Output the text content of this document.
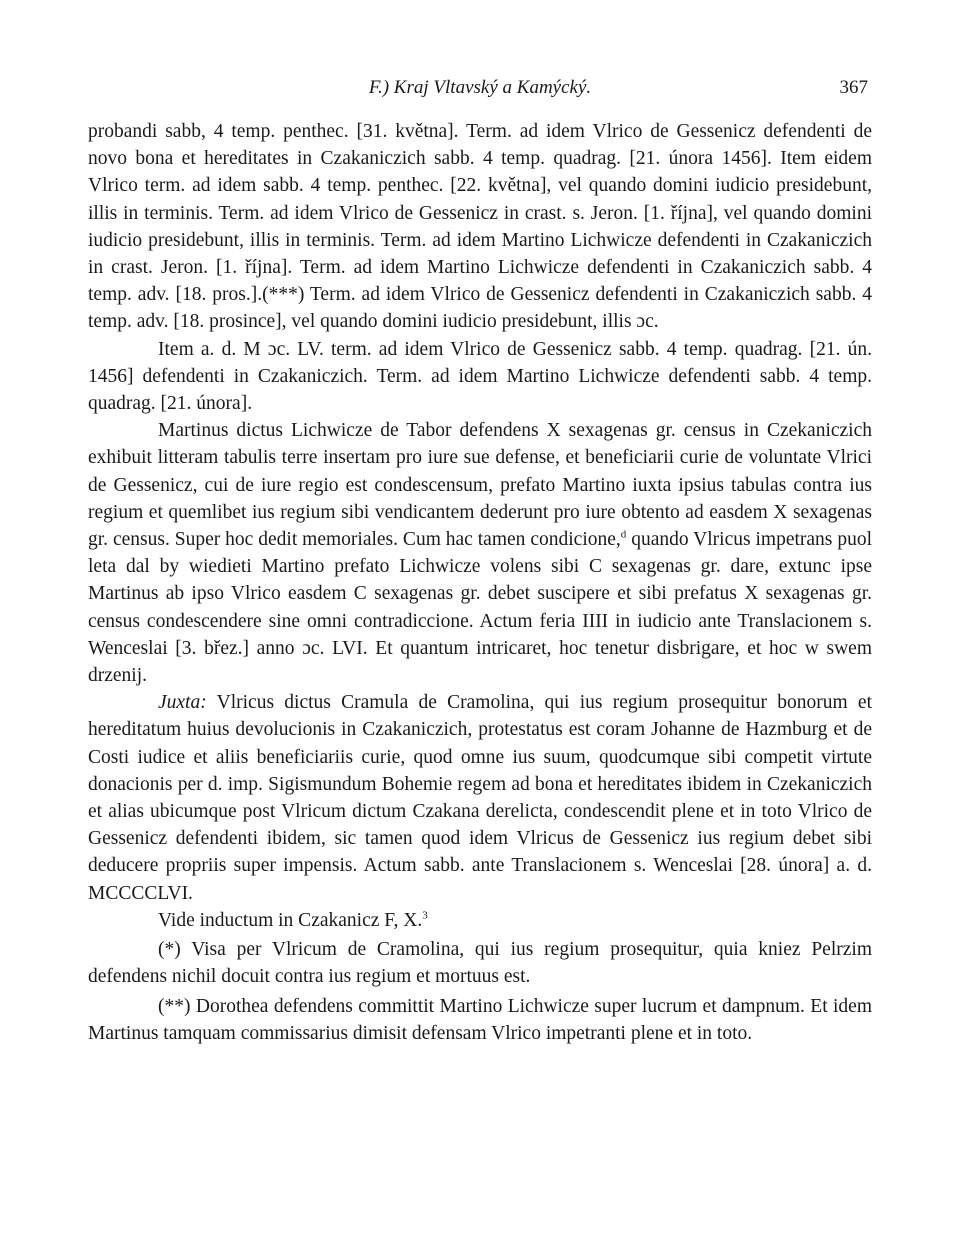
F.) Kraj Vltavský a Kamýcký.	367

probandi sabb, 4 temp. penthec. [31. května]. Term. ad idem Vlrico de Gessenicz defendenti de novo bona et hereditates in Czakaniczich sabb. 4 temp. quadrag. [21. února 1456]. Item eidem Vlrico term. ad idem sabb. 4 temp. penthec. [22. května], vel quando domini iudicio presidebunt, illis in terminis. Term. ad idem Vlrico de Gessenicz in crast. s. Jeron. [1. října], vel quando domini iudicio presidebunt, illis in terminis. Term. ad idem Martino Lichwicze defendenti in Czakaniczich in crast. Jeron. [1. října]. Term. ad idem Martino Lichwicze defendenti in Czakaniczich sabb. 4 temp. adv. [18. pros.].(***) Term. ad idem Vlrico de Gessenicz defendenti in Czakaniczich sabb. 4 temp. adv. [18. prosince], vel quando domini iudicio presidebunt, illis ɔc.

Item a. d. M ɔc. LV. term. ad idem Vlrico de Gessenicz sabb. 4 temp. quadrag. [21. ún. 1456] defendenti in Czakaniczich. Term. ad idem Martino Lichwicze defendenti sabb. 4 temp. quadrag. [21. února].

Martinus dictus Lichwicze de Tabor defendens X sexagenas gr. census in Czekaniczich exhibuit litteram tabulis terre insertam pro iure sue defense, et beneficiarii curie de voluntate Vlrici de Gessenicz, cui de iure regio est condescensum, prefato Martino iuxta ipsius tabulas contra ius regium et quemlibet ius regium sibi vendicantem dederunt pro iure obtento ad easdem X sexagenas gr. census. Super hoc dedit memoriales. Cum hac tamen condicione,$^d$ quando Vlricus impetrans puol leta dal by wiedieti Martino prefato Lichwicze volens sibi C sexagenas gr. dare, extunc ipse Martinus ab ipso Vlrico easdem C sexagenas gr. debet suscipere et sibi prefatus X sexagenas gr. census condescendere sine omni contradiccione. Actum feria IIII in iudicio ante Translacionem s. Wenceslai [3. břez.] anno ɔc. LVI. Et quantum intricaret, hoc tenetur disbrigare, et hoc w swem drzenij.

Juxta: Vlricus dictus Cramula de Cramolina, qui ius regium prosequitur bonorum et hereditatum huius devolucionis in Czakaniczich, protestatus est coram Johanne de Hazmburg et de Costi iudice et aliis beneficiariis curie, quod omne ius suum, quodcumque sibi competit virtute donacionis per d. imp. Sigismundum Bohemie regem ad bona et hereditates ibidem in Czekaniczich et alias ubicumque post Vlricum dictum Czakana derelicta, condescendit plene et in toto Vlrico de Gessenicz defendenti ibidem, sic tamen quod idem Vlricus de Gessenicz ius regium debet sibi deducere propriis super impensis. Actum sabb. ante Translacionem s. Wenceslai [28. února] a. d. MCCCCLVI.

Vide inductum in Czakanicz F, X.$^3$

(*) Visa per Vlricum de Cramolina, qui ius regium prosequitur, quia kniez Pelrzim defendens nichil docuit contra ius regium et mortuus est.

(**) Dorothea defendens committit Martino Lichwicze super lucrum et dampnum. Et idem Martinus tamquam commissarius dimisit defensam Vlrico impetranti plene et in toto.
